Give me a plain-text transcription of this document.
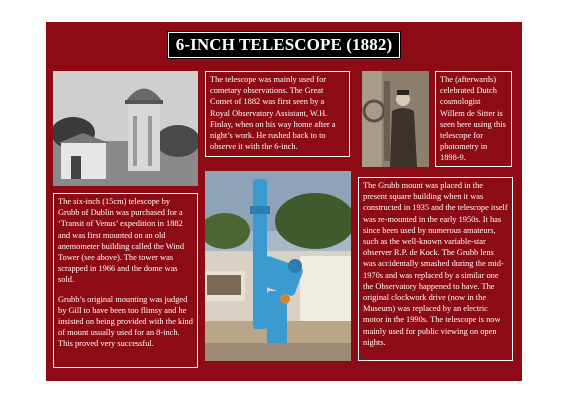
6-INCH TELESCOPE (1882)
The telescope was mainly used for cometary observations. The Great Comet of 1882 was first seen by a Royal Observatory Assistant, W.H. Finlay, when on his way home after a night’s work. He rushed back to to observe it with the 6-inch.
The (afterwards) celebrated Dutch cosmologist Willem de Sitter is seen here using this telescope for photometry in 1898-9.

The six-inch (15cm) telescope by Grubb of Dublin was purchased for a ‘Transit of Venus’ expedition in 1882 and was first mounted on an old anemometer building called the Wind Tower (see above). The tower was scrapped in 1966 and the dome was sold.

Grubb’s original mounting was judged by Gill to have been too flimsy and he insisted on being provided with the kind of mount usually used for an 8-inch. This proved very successful.

The Grubb mount was placed in the present square building when it was constructed in 1935 and the telescope itself was re-mounted in the early 1950s. It has since been used by numerous amateurs, such as the well-known variable-star observer R.P. de Kock. The Grubb lens was accidentally smashed during the mid-1970s and was replaced by a similar one the Observatory happened to have. The original clockwork drive (now in the Museum) was replaced by an electric motor in the 1990s. The telescope is now mainly used for public viewing on open nights.
